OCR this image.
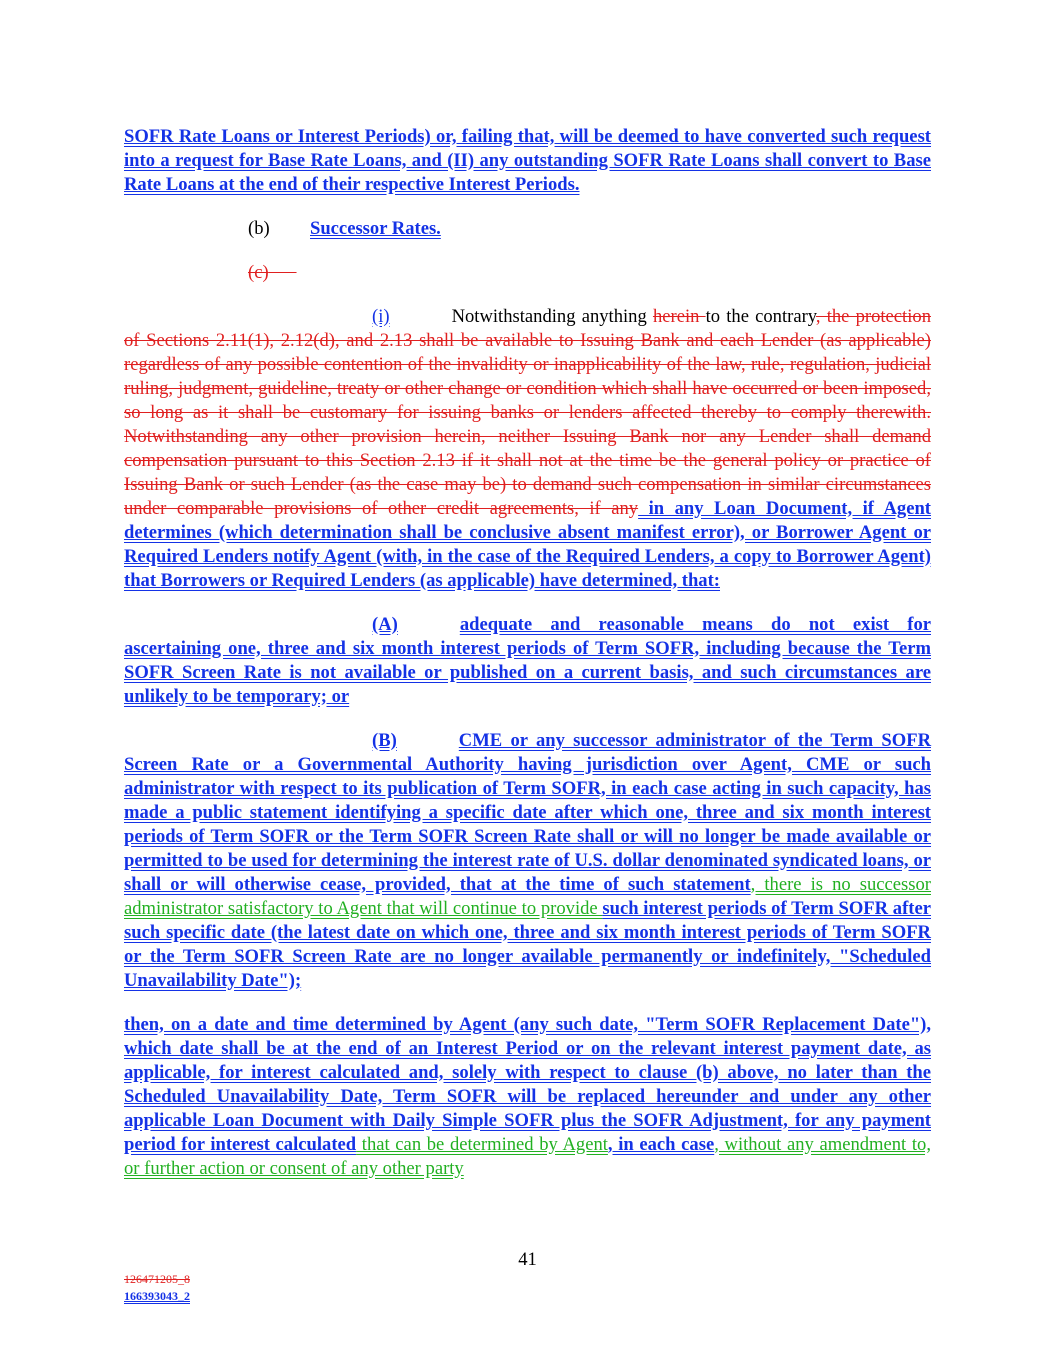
SOFR Rate Loans or Interest Periods) or, failing that, will be deemed to have converted such request into a request for Base Rate Loans, and (II) any outstanding SOFR Rate Loans shall convert to Base Rate Loans at the end of their respective Interest Periods.

(b) Successor Rates.
(c)

(i)	Notwithstanding anything herein to the contrary, the protection of Sections 2.11(1), 2.12(d), and 2.13 shall be available to Issuing Bank and each Lender (as applicable) regardless of any possible contention of the invalidity or inapplicability of the law, rule, regulation, judicial ruling, judgment, guideline, treaty or other change or condition which shall have occurred or been imposed, so long as it shall be customary for issuing banks or lenders affected thereby to comply therewith. Notwithstanding any other provision herein, neither Issuing Bank nor any Lender shall demand compensation pursuant to this Section 2.13 if it shall not at the time be the general policy or practice of Issuing Bank or such Lender (as the case may be) to demand such compensation in similar circumstances under comparable provisions of other credit agreements, if any in any Loan Document, if Agent determines (which determination shall be conclusive absent manifest error), or Borrower Agent or Required Lenders notify Agent (with, in the case of the Required Lenders, a copy to Borrower Agent) that Borrowers or Required Lenders (as applicable) have determined, that:

(A)	adequate and reasonable means do not exist for ascertaining one, three and six month interest periods of Term SOFR, including because the Term SOFR Screen Rate is not available or published on a current basis, and such circumstances are unlikely to be temporary; or

(B)	CME or any successor administrator of the Term SOFR Screen Rate or a Governmental Authority having jurisdiction over Agent, CME or such administrator with respect to its publication of Term SOFR, in each case acting in such capacity, has made a public statement identifying a specific date after which one, three and six month interest periods of Term SOFR or the Term SOFR Screen Rate shall or will no longer be made available or permitted to be used for determining the interest rate of U.S. dollar denominated syndicated loans, or shall or will otherwise cease, provided, that at the time of such statement, there is no successor administrator satisfactory to Agent that will continue to provide such interest periods of Term SOFR after such specific date (the latest date on which one, three and six month interest periods of Term SOFR or the Term SOFR Screen Rate are no longer available permanently or indefinitely, "Scheduled Unavailability Date");

then, on a date and time determined by Agent (any such date, "Term SOFR Replacement Date"), which date shall be at the end of an Interest Period or on the relevant interest payment date, as applicable, for interest calculated and, solely with respect to clause (b) above, no later than the Scheduled Unavailability Date, Term SOFR will be replaced hereunder and under any other applicable Loan Document with Daily Simple SOFR plus the SOFR Adjustment, for any payment period for interest calculated that can be determined by Agent, in each case, without any amendment to, or further action or consent of any other party

41
126471205_8
166393043_2
